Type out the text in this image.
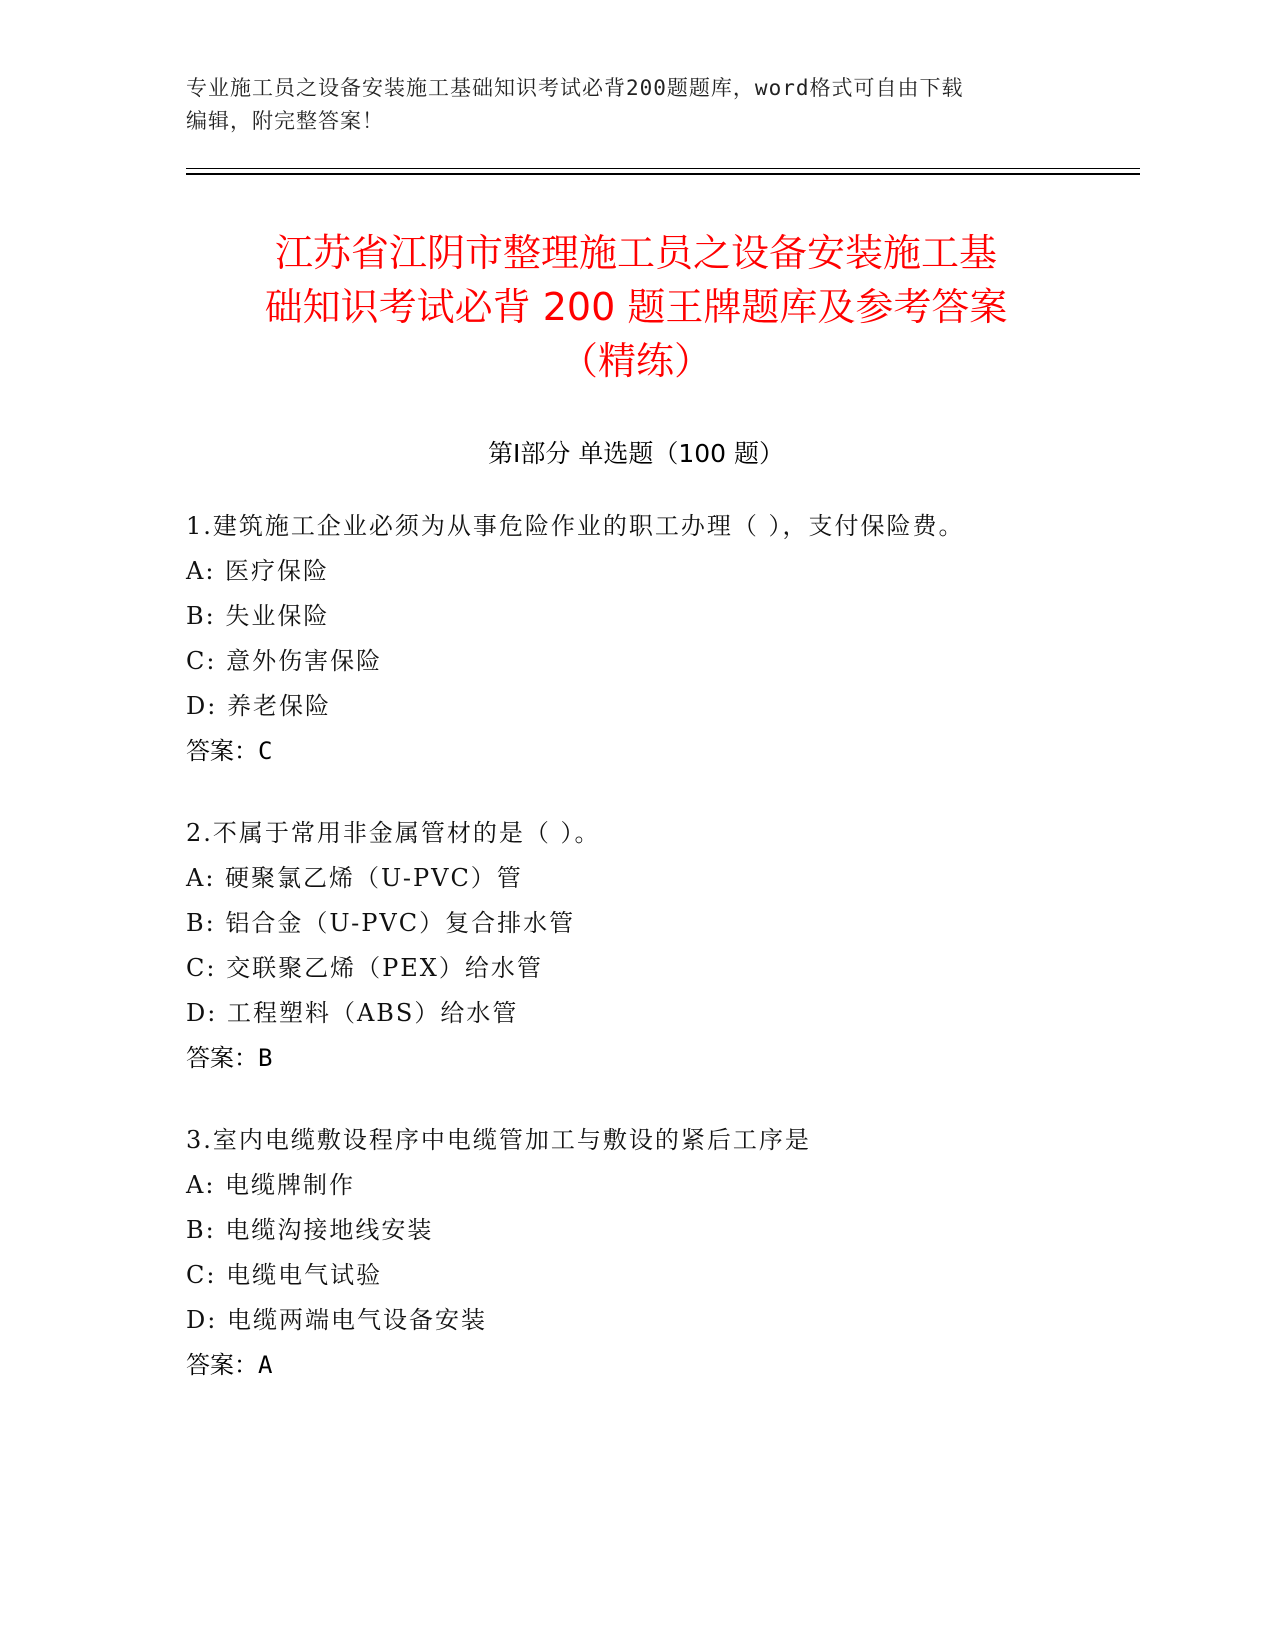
专业施工员之设备安装施工基础知识考试必背200题题库，word格式可自由下载
编辑，附完整答案！
江苏省江阴市整理施工员之设备安装施工基
础知识考试必背 200 题王牌题库及参考答案
（精练）
第Ⅰ部分 单选题（100 题）
1.建筑施工企业必须为从事危险作业的职工办理（ ），支付保险费。
A: 医疗保险
B: 失业保险
C: 意外伤害保险
D: 养老保险
答案：C
2.不属于常用非金属管材的是（ ）。
A: 硬聚氯乙烯（U-PVC）管
B: 铝合金（U-PVC）复合排水管
C: 交联聚乙烯（PEX）给水管
D: 工程塑料（ABS）给水管
答案：B
3.室内电缆敷设程序中电缆管加工与敷设的紧后工序是
A: 电缆牌制作
B: 电缆沟接地线安装
C: 电缆电气试验
D: 电缆两端电气设备安装
答案：A
